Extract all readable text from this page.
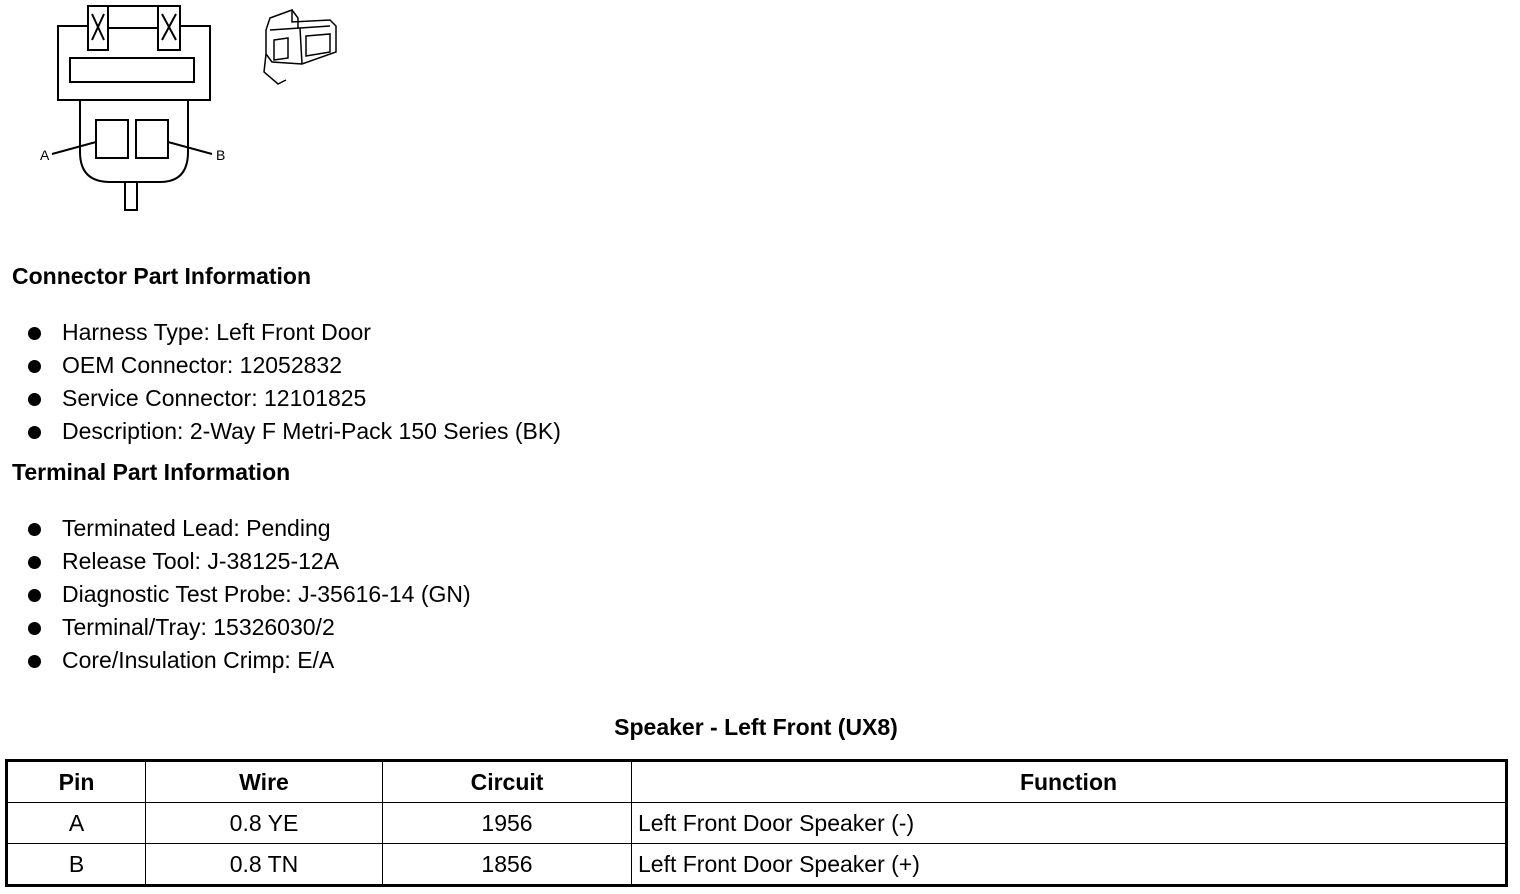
A	B
Connector Part Information
Harness Type: Left Front Door
OEM Connector: 12052832
Service Connector: 12101825
Description: 2-Way F Metri-Pack 150 Series (BK)
Terminal Part Information
Terminated Lead: Pending
Release Tool: J-38125-12A
Diagnostic Test Probe: J-35616-14 (GN)
Terminal/Tray: 15326030/2
Core/Insulation Crimp: E/A
Speaker - Left Front (UX8)
Pin	Wire	Circuit	Function
A	0.8 YE	1956	Left Front Door Speaker (-)
B	0.8 TN	1856	Left Front Door Speaker (+)
